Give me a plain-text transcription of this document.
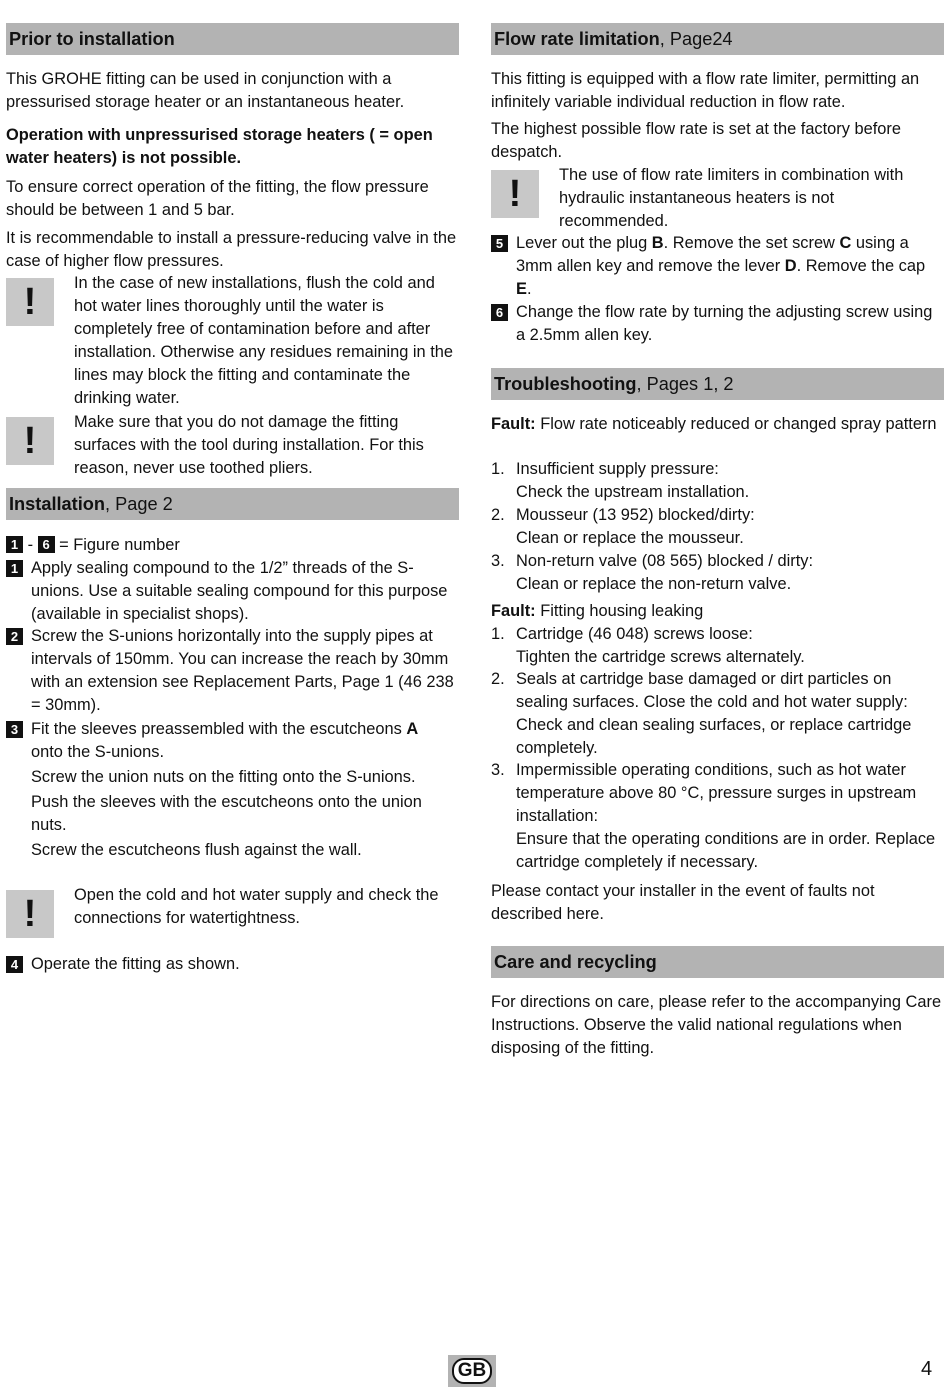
Prior to installation

This GROHE fitting can be used in conjunction with a pressurised storage heater or an instantaneous heater.

Operation with unpressurised storage heaters ( = open water heaters) is not possible.

To ensure correct operation of the fitting, the flow pressure should be between 1 and 5 bar.

It is recommendable to install a pressure-reducing valve in the case of higher flow pressures.

!	In the case of new installations, flush the cold and hot water lines thoroughly until the water is completely free of contamination before and after installation. Otherwise any residues remaining in the lines may block the fitting and contaminate the drinking water.

!	Make sure that you do not damage the fitting surfaces with the tool during installation. For this reason, never use toothed pliers.

Installation, Page 2

1 - 6 = Figure number

1 Apply sealing compound to the 1/2” threads of the S-unions. Use a suitable sealing compound for this purpose (available in specialist shops).

2 Screw the S-unions horizontally into the supply pipes at intervals of 150mm. You can increase the reach by 30mm with an extension see Replacement Parts, Page 1 (46 238 = 30mm).

3 Fit the sleeves preassembled with the escutcheons A
onto the S-unions.

Screw the union nuts on the fitting onto the S-unions.

Push the sleeves with the escutcheons onto the union nuts.

Screw the escutcheons flush against the wall.

!	Open the cold and hot water supply and check the connections for watertightness.

4 Operate the fitting as shown.

Flow rate limitation, Page24

This fitting is equipped with a flow rate limiter, permitting an infinitely variable individual reduction in flow rate.

The highest possible flow rate is set at the factory before despatch.

!	The use of flow rate limiters in combination with hydraulic instantaneous heaters is not recommended.

5 Lever out the plug B. Remove the set screw C using a 3mm allen key and remove the lever D. Remove the cap E.

6 Change the flow rate by turning the adjusting screw using a 2.5mm allen key.

Troubleshooting, Pages 1, 2

Fault: Flow rate noticeably reduced or changed spray pattern

1. Insufficient supply pressure:
Check the upstream installation.

2. Mousseur (13 952) blocked/dirty:
Clean or replace the mousseur.

3. Non-return valve (08 565) blocked / dirty:
Clean or replace the non-return valve.

Fault: Fitting housing leaking

1. Cartridge (46 048) screws loose:
Tighten the cartridge screws alternately.

2. Seals at cartridge base damaged or dirt particles on sealing surfaces. Close the cold and hot water supply:
Check and clean sealing surfaces, or replace cartridge completely.

3. Impermissible operating conditions, such as hot water temperature above 80 °C, pressure surges in upstream installation:
Ensure that the operating conditions are in order. Replace cartridge completely if necessary.

Please contact your installer in the event of faults not described here.

Care and recycling

For directions on care, please refer to the accompanying Care Instructions. Observe the valid national regulations when disposing of the fitting.

GB	4
